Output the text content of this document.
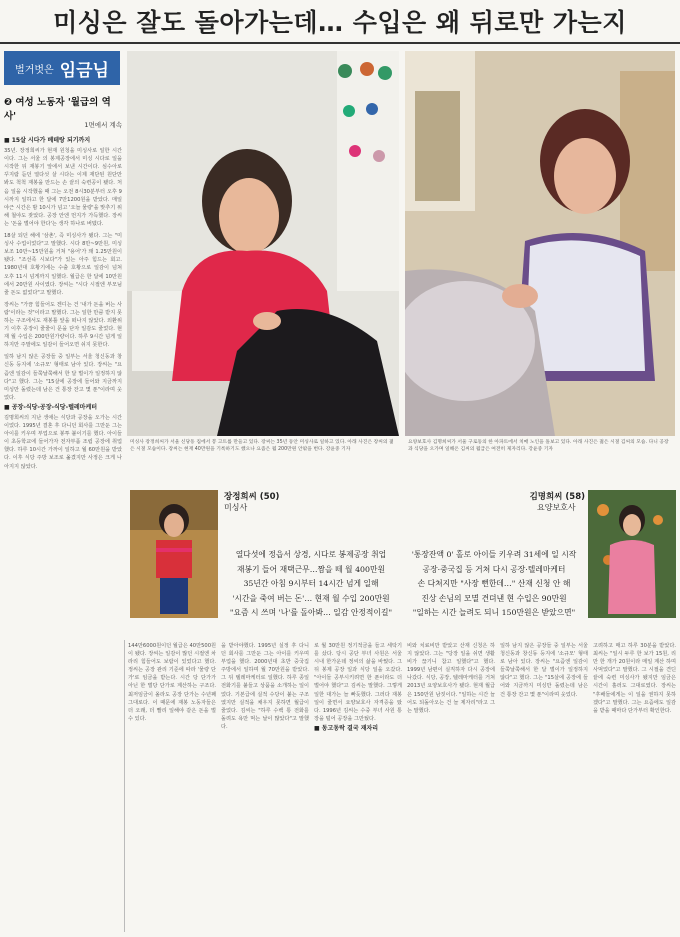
미싱은 잘도 돌아가는데… 수입은 왜 뒤로만 가는지
벌거벗은 임금님
❷ 여성 노동자 '월급의 역사'
1면에서 계속
■ 15살 시다가 베테랑 되기까지
35년. 장정희씨가 현재 원청을 미싱사로 일한 시간이다. 그는 서울 의 봉제공장에서 미싱 시다로 일을 시작한 뒤 재봉기 앞에서 보낸 시간이다. 심수아로 꾸지람 듣던 열다섯 살 시다는 이제 재단된 원단만 봐도 척척 재봉을 만드는 손 끝의 숙련공이 됐다. 처음 일을 시작했을 때 그는 오전 8시30분부터 오후 9시까지 일하고 한 달에 7만1200원을 받았다. 매일 야근 시간은 밤 10시가 넘고 '오늘 물량'을 맞추기 위해 철야도 잦았다. 공장 안엔 먼지가 가득했다. 장씨는 '돈을 벌어야 한다'는 생각 하나로 버텼다.
18살 되던 해에 '삼촌', 즉 미싱사가 됐다. 그는 "미싱사 수업이었다"고 말했다. 시다 8만~9만원, 미싱보조 10만~15만원을 거쳐 "용어'가 돼 1.25만원이 됐다. "조선족 시보다"가 있는 아주 힘드는 회고. 1980년대 호황기에는 수출 호황으로 일감이 넘쳐 오후 11시 넘게까지 일했다. 월급은 한 달에 10만원에서 20만원 사이였다. 장씨는 "시다 시절엔 부모님 줄 돈도 없었다"고 말했다.
장씨는 "가끔 힘들어도 겐디는 건 '내가 돈을 버는 사람'이라는 것"이라고 말했다. 그는 일한 만큼 받지 못하는 구조에서도 재봉틀 앞을 떠나지 않았다. 외환위기 이후 공장이 줄줄이 문을 닫자 일감도 줄었다. 현재 월 수입은 200만원가량이다. 하루 9시간 넘게 일하지만 주말에도 일감이 들어오면 쉬지 못한다.
일하 남지 않은 공장들 중 일부는 서울 청신동과 창신동 등지에 '소규모' 형태로 남아 있다. 장씨는 "요즘엔 일감이 들쭉날쭉해서 한 달 벌이가 일정하지 않다"고 했다. 그는 "15살에 공장에 들어와 지금까지 미싱만 돌렸는데 남은 건 통장 잔고 몇 푼"이라며 웃었다.
■ 공장-식당-공장-식당-텔레마케터
김명희씨의 지난 생애는 식당과 공장을 오가는 시간이었다. 1995년 결혼 후 다니던 회사를 그만둔 그는 아이를 키우며 부업으로 봉투 붙이기를 했다. 아이들이 초등학교에 들어가자 전자부품 조립 공장에 취업했다. 하루 10시간 가까이 일하고 월 60만원을 받았다. 이후 식당 주방 보조로 옮겼지만 사정은 크게 나아지지 않았다.
미싱사 장정희씨가 서울 신당동 집에서 봉 고트를 만들고 있다. 장씨는 35년 동안 미싱사로 일하고 있다. 아래 사진은 장씨의 젊은 시절 모습이다. 장씨는 현재 40만원을 기록하기도 했으나 요즘은 월 200만원 안팎을 번다. 강윤중 기자
요양보호사 김명희씨가 서울 구로동의 한 아파트에서 치매 노인을 돌보고 있다. 아래 사진은 젊은 시절 김씨의 모습. 다니 공장과 식당을 오가며 일해온 김씨의 월급은 여전히 제자리다. 강윤중 기자
장정희씨 (50)
미싱사
열다섯에 정읍서 상경, 시다로 봉제공장 취업
재봉기 들어 재택근무…짬을 떼 월 400만원
35년간 아침 9시부터 14시간 넘게 일해
'시간을 죽여 버는 돈'… 현재 월 수입 200만원
"요즘 시 쓰며 '나'를 돌아봐… 일감 안정적이길"
김명희씨 (58)
요양보호사
'통장잔액 0' 홀로 아이들 키우려 31세에 일 시작
공장·중국집 등 거쳐 다시 공장·텔레마케터
손 다쳐지만 "사장 뻔한데…" 산재 신청 안 해
진상 손님의 모멸 견뎌낸 현 수입은 90만원
"일하는 시간 늘려도 되니 150만원은 받았으면"
144만6000원이던 월급은 40만500원이 됐다. 장씨는 일감이 많던 시절엔 차라리 힘들어도 보람이 있었다고 했다. 정씨는 공장 관리 기준에 따라 '물량 단가'로 임금을 받는다. 시간 당 단가가 아닌 한 벌당 단가로 계산하는 구조다. 최저임금이 올라도 공장 단가는 수년째 그대로다. 이 때문에 재봉 노동자들은 더 오래, 더 빨리 일해야 같은 돈을 벌 수 있다.
을 받아야했다. 1995년 실정 후 다니던 회사를 그만둔 그는 아이를 키우며 부업을 했다. 2000년대 초반 중국집 주방에서 일하며 월 70만원을 받았다. 그 뒤 텔레마케터로 일했다. 하루 종일 전화기를 붙들고 상품을 소개하는 일이었다. 기본급에 실적 수당이 붙는 구조였지만 실적을 채우지 못하면 월급이 줄었다. 김씨는 "하루 수백 통 전화를 돌려도 욕만 먹는 날이 많았다"고 말했다.
로 월 30만원 정기적금을 들고 세탁기를 샀다. 당시 공단 부녀 사원은 서울 시내 한가운데 정씨의 삶을 바꿨다. 그 뒤 봉제 공장 일과 식당 일을 오갔다. "아이들 공부시키려면 한 푼이라도 더 벌어야 했다"고 김씨는 말했다. 그렇게 일한 대가는 늘 빠듯했다. 그러다 재봉일이 줄면서 요양보호사 자격증을 땄다. 1996년 김씨는 수중 부녀 사원 통장을 털어 공장을 그만뒀다.
■ 동고동락 결국 재자리
비와 치료비만 받았고 산재 신청은 하지 않았다. 그는 "당장 일을 쉬면 생활비가 끊기니 참고 일했다"고 했다. 1999년 남편이 실직하자 다시 공장에 나갔다. 식당, 공장, 텔레마케터를 거쳐 2013년 요양보호사가 됐다. 현재 월급은 150만원 남짓이다. "일하는 시간 늘어도 되돌아오는 건 늘 제자리"라고 그는 말했다.
일하 남지 않은 공장들 중 일부는 서울 청신동과 창신동 등지에 '소규모' 형태로 남아 있다. 장씨는 "요즘엔 일감이 들쭉날쭉해서 한 달 벌이가 일정하지 않다"고 했다. 그는 "15살에 공장에 들어와 지금까지 미싱만 돌렸는데 남은 건 통장 잔고 몇 푼"이라며 웃었다.
고려하고 매고 하루 30분을 받았다. 최씨는 "일시 두루 한 보가 15원, 리만 한 개가 20원이라 매일 계산 하며 사먹었다"고 말했다. 그 시절을 견딘 끝에 숙련 미싱사가 됐지만 임금은 시간이 흘러도 그대로였다. 장씨는 "후배들에게는 이 일을 권하지 못하겠다"고 말했다. 그는 요즘에도 일감을 받을 때마다 단가부터 확인한다.
